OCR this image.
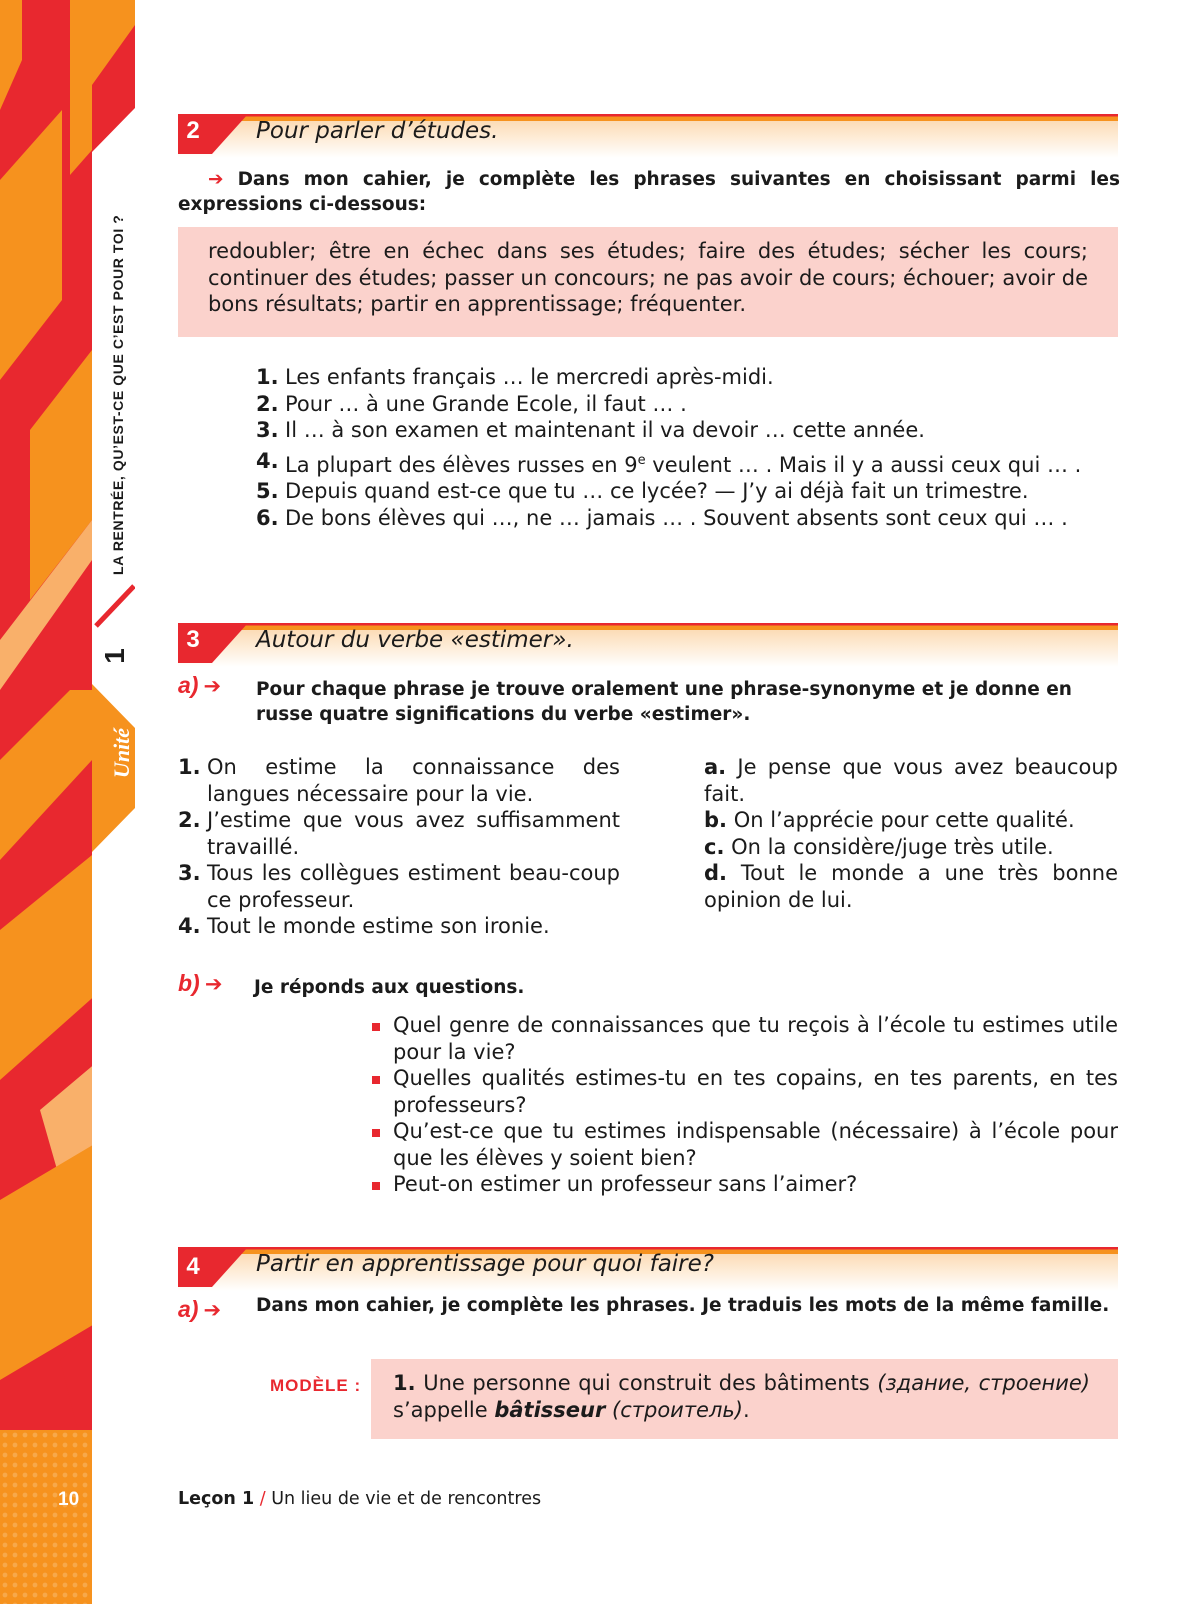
LA RENTRÉE, QU’EST-CE QUE C’EST POUR TOI ?
1
Unité
10
2 Pour parler d’études.
➔ Dans mon cahier, je complète les phrases suivantes en choisissant parmi les expressions ci-dessous:
redoubler; être en échec dans ses études; faire des études; sécher les cours; continuer des études; passer un concours; ne pas avoir de cours; échouer; avoir de bons résultats; partir en apprentissage; fréquenter.
1. Les enfants français … le mercredi après-midi.
2. Pour … à une Grande Ecole, il faut … .
3. Il … à son examen et maintenant il va devoir … cette année.
4. La plupart des élèves russes en 9e veulent … . Mais il y a aussi ceux qui … .
5. Depuis quand est-ce que tu … ce lycée? — J’y ai déjà fait un trimestre.
6. De bons élèves qui …, ne … jamais … . Souvent absents sont ceux qui … .
3 Autour du verbe «estimer».
a) ➔ Pour chaque phrase je trouve oralement une phrase-synonyme et je donne en russe quatre significations du verbe «estimer».
1. On estime la connaissance des langues nécessaire pour la vie.
2. J’estime que vous avez suffisamment travaillé.
3. Tous les collègues estiment beau-coup ce professeur.
4. Tout le monde estime son ironie.
a. Je pense que vous avez beaucoup fait.
b. On l’apprécie pour cette qualité.
c. On la considère/juge très utile.
d. Tout le monde a une très bonne opinion de lui.
b) ➔ Je réponds aux questions.
Quel genre de connaissances que tu reçois à l’école tu estimes utile pour la vie?
Quelles qualités estimes-tu en tes copains, en tes parents, en tes professeurs?
Qu’est-ce que tu estimes indispensable (nécessaire) à l’école pour que les élèves y soient bien?
Peut-on estimer un professeur sans l’aimer?
4 Partir en apprentissage pour quoi faire?
a) ➔ Dans mon cahier, je complète les phrases. Je traduis les mots de la même famille.
MODÈLE :	1. Une personne qui construit des bâtiments (здание, строение) s’appelle bâtisseur (строитель).
Leçon 1 / Un lieu de vie et de rencontres
